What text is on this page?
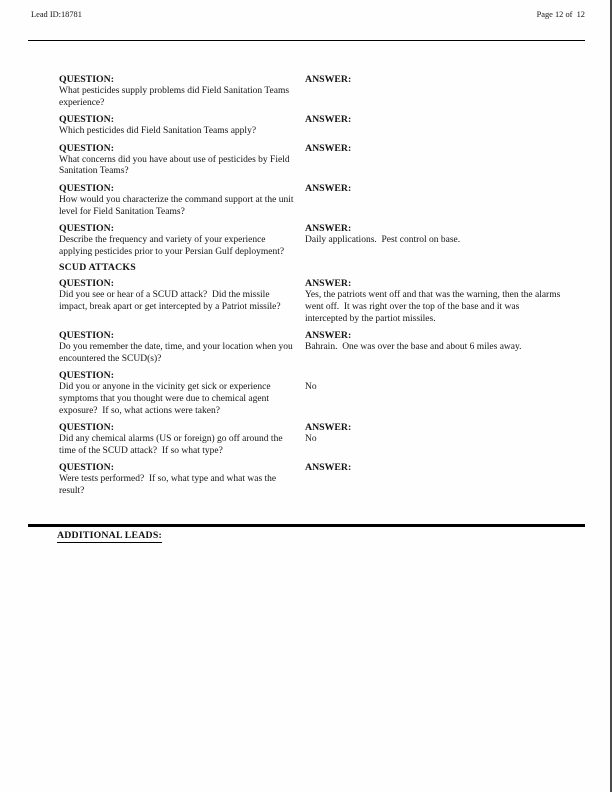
Lead ID:18781	Page 12 of  12
QUESTION:
What pesticides supply problems did Field Sanitation Teams experience?
ANSWER:
QUESTION:
Which pesticides did Field Sanitation Teams apply?
ANSWER:
QUESTION:
What concerns did you have about use of pesticides by Field Sanitation Teams?
ANSWER:
QUESTION:
How would you characterize the command support at the unit level for Field Sanitation Teams?
ANSWER:
QUESTION:
Describe the frequency and variety of your experience applying pesticides prior to your Persian Gulf deployment?
ANSWER:
Daily applications.  Pest control on base.
SCUD ATTACKS
QUESTION:
Did you see or hear of a SCUD attack?  Did the missile impact, break apart or get intercepted by a Patriot missile?
ANSWER:
Yes, the patriots went off and that was the warning, then the alarms went off.  It was right over the top of the base and it was intercepted by the partiot missiles.
QUESTION:
Do you remember the date, time, and your location when you encountered the SCUD(s)?
ANSWER:
Bahrain.  One was over the base and about 6 miles away.
QUESTION:
Did you or anyone in the vicinity get sick or experience symptoms that you thought were due to chemical agent exposure?  If so, what actions were taken?
No
QUESTION:
Did any chemical alarms (US or foreign) go off around the time of the SCUD attack?  If so what type?
ANSWER:
No
QUESTION:
Were tests performed?  If so, what type and what was the result?
ANSWER:
ADDITIONAL LEADS:
